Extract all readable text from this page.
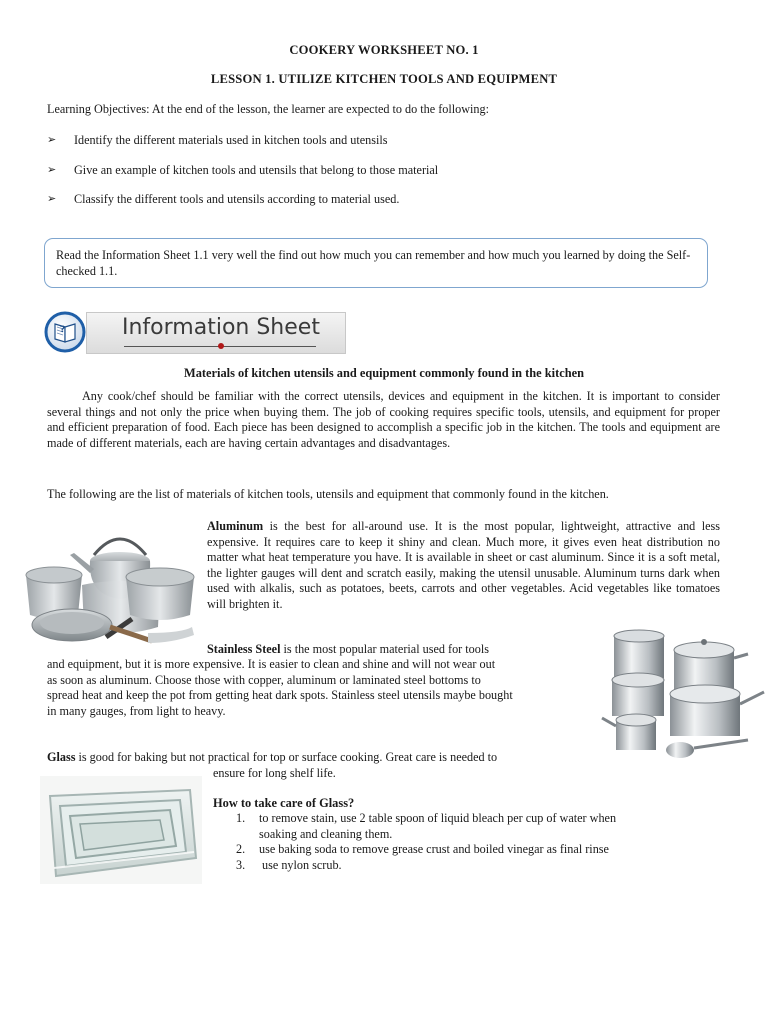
COOKERY WORKSHEET NO. 1
LESSON 1. UTILIZE KITCHEN TOOLS AND EQUIPMENT
Learning Objectives: At the end of the lesson, the learner are expected to do the following:
➢ Identify the different materials used in kitchen tools and utensils
➢ Give an example of kitchen tools and utensils that belong to those material
➢ Classify the different tools and utensils according to material used.
Read the Information Sheet 1.1 very well the find out how much you can remember and how much you learned by doing the Self-checked 1.1.
?	Information Sheet
Materials of kitchen utensils and equipment commonly found in the kitchen
Any cook/chef should be familiar with the correct utensils, devices and equipment in the kitchen. It is important to consider several things and not only the price when buying them. The job of cooking requires specific tools, utensils, and equipment for proper and efficient preparation of food. Each piece has been designed to accomplish a specific job in the kitchen. The tools and equipment are made of different materials, each are having certain advantages and disadvantages.
The following are the list of materials of kitchen tools, utensils and equipment that commonly found in the kitchen.
Aluminum is the best for all-around use. It is the most popular, lightweight, attractive and less expensive. It requires care to keep it shiny and clean. Much more, it gives even heat distribution no matter what heat temperature you have. It is available in sheet or cast aluminum. Since it is a soft metal, the lighter gauges will dent and scratch easily, making the utensil unusable. Aluminum turns dark when used with alkalis, such as potatoes, beets, carrots and other vegetables. Acid vegetables like tomatoes will brighten it.
Stainless Steel is the most popular material used for tools
and equipment, but it is more expensive. It is easier to clean and shine and will not wear out
as soon as aluminum. Choose those with copper, aluminum or laminated steel bottoms to
spread heat and keep the pot from getting heat dark spots. Stainless steel utensils maybe bought
in many gauges, from light to heavy.
Glass is good for baking but not practical for top or surface cooking. Great care is needed to
ensure for long shelf life.
How to take care of Glass?
1. to remove stain, use 2 table spoon of liquid bleach per cup of water when
soaking and cleaning them.
2. use baking soda to remove grease crust and boiled vinegar as final rinse
3. use nylon scrub.
